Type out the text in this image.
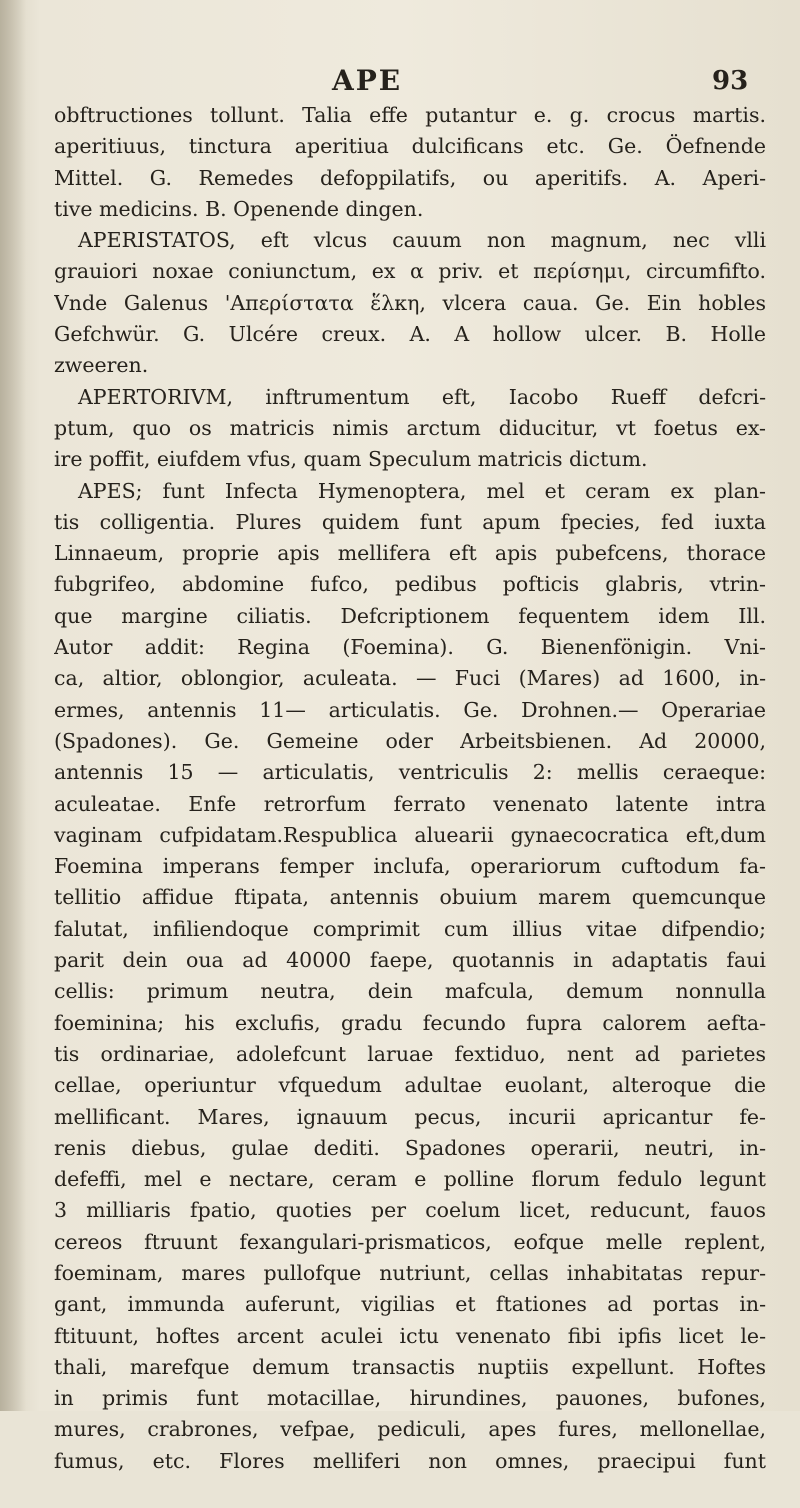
APE	93
obftructiones tollunt. Talia effe putantur e. g. crocus martis.
aperitiuus, tinctura aperitiua dulcificans etc. Ge. Öefnende
Mittel. G. Remedes defoppilatifs, ou aperitifs. A. Aperi-
tive medicins. B. Openende dingen.
APERISTATOS, eft vlcus cauum non magnum, nec vlli
grauiori noxae coniunctum, ex α priv. et περίσημι, circumfifto.
Vnde Galenus 'Απερίστατα ἕλκη, vlcera caua. Ge. Ein hobles
Gefchwür. G. Ulcére creux. A. A hollow ulcer. B. Holle
zweeren.
APERTORIVM, inftrumentum eft, Iacobo Rueff defcri-
ptum, quo os matricis nimis arctum diducitur, vt foetus ex-
ire poffit, eiufdem vfus, quam Speculum matricis dictum.
APES; funt Infecta Hymenoptera, mel et ceram ex plan-
tis colligentia. Plures quidem funt apum fpecies, fed iuxta
Linnaeum, proprie apis mellifera eft apis pubefcens, thorace
fubgrifeo, abdomine fufco, pedibus pofticis glabris, vtrin-
que margine ciliatis. Defcriptionem fequentem idem Ill.
Autor addit: Regina (Foemina). G. Bienenfönigin. Vni-
ca, altior, oblongior, aculeata. — Fuci (Mares) ad 1600, in-
ermes, antennis 11— articulatis. Ge. Drohnen.— Operariae
(Spadones). Ge. Gemeine oder Arbeitsbienen. Ad 20000,
antennis 15 — articulatis, ventriculis 2: mellis ceraeque:
aculeatae. Enfe retrorfum ferrato venenato latente intra
vaginam cufpidatam.Respublica aluearii gynaecocratica eft,dum
Foemina imperans femper inclufa, operariorum cuftodum fa-
tellitio affidue ftipata, antennis obuium marem quemcunque
falutat, infiliendoque comprimit cum illius vitae difpendio;
parit dein oua ad 40000 faepe, quotannis in adaptatis faui
cellis: primum neutra, dein mafcula, demum nonnulla
foeminina; his exclufis, gradu fecundo fupra calorem aefta-
tis ordinariae, adolefcunt laruae fextiduo, nent ad parietes
cellae, operiuntur vfquedum adultae euolant, alteroque die
mellificant. Mares, ignauum pecus, incurii apricantur fe-
renis diebus, gulae dediti. Spadones operarii, neutri, in-
defeffi, mel e nectare, ceram e polline florum fedulo legunt
3 milliaris fpatio, quoties per coelum licet, reducunt, fauos
cereos ftruunt fexangulari-prismaticos, eofque melle replent,
foeminam, mares pullofque nutriunt, cellas inhabitatas repur-
gant, immunda auferunt, vigilias et ftationes ad portas in-
ftituunt, hoftes arcent aculei ictu venenato fibi ipfis licet le-
thali, marefque demum transactis nuptiis expellunt. Hoftes
in primis funt motacillae, hirundines, pauones, bufones,
mures, crabrones, vefpae, pediculi, apes fures, mellonellae,
fumus, etc. Flores melliferi non omnes, praecipui funt
